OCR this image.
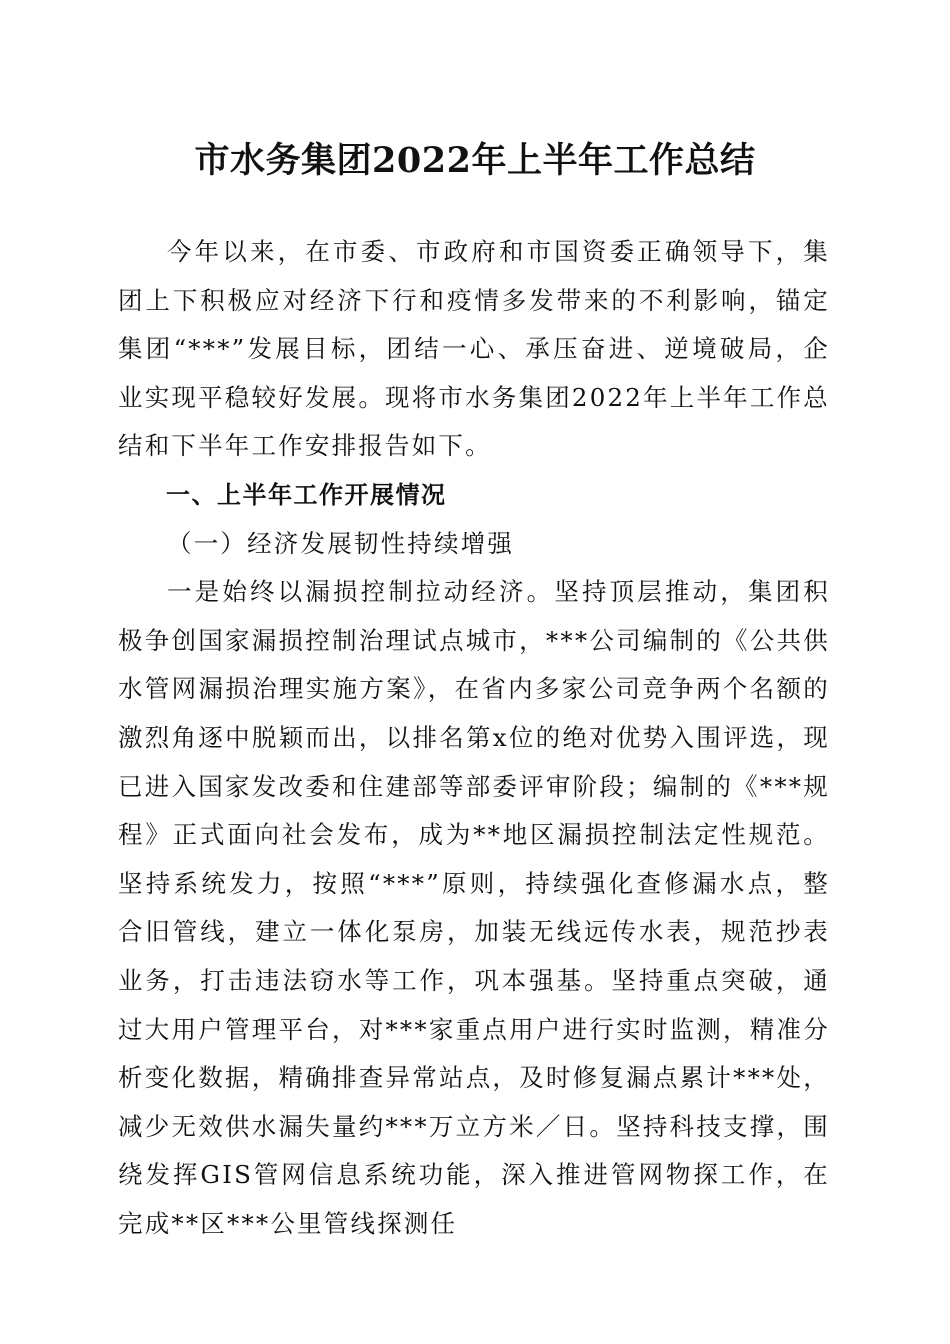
市水务集团2022年上半年工作总结

今年以来，在市委、市政府和市国资委正确领导下，集团上下积极应对经济下行和疫情多发带来的不利影响，锚定集团“***”发展目标，团结一心、承压奋进、逆境破局，企业实现平稳较好发展。现将市水务集团2022年上半年工作总结和下半年工作安排报告如下。

一、上半年工作开展情况

（一）经济发展韧性持续增强

一是始终以漏损控制拉动经济。坚持顶层推动，集团积极争创国家漏损控制治理试点城市，***公司编制的《公共供水管网漏损治理实施方案》，在省内多家公司竞争两个名额的激烈角逐中脱颖而出，以排名第x位的绝对优势入围评选，现已进入国家发改委和住建部等部委评审阶段；编制的《***规程》正式面向社会发布，成为**地区漏损控制法定性规范。坚持系统发力，按照“***”原则，持续强化查修漏水点，整合旧管线，建立一体化泵房，加装无线远传水表，规范抄表业务，打击违法窃水等工作，巩本强基。坚持重点突破，通过大用户管理平台，对***家重点用户进行实时监测，精准分析变化数据，精确排查异常站点，及时修复漏点累计***处，减少无效供水漏失量约***万立方米／日。坚持科技支撑，围绕发挥GIS管网信息系统功能，深入推进管网物探工作，在完成**区***公里管线探测任
